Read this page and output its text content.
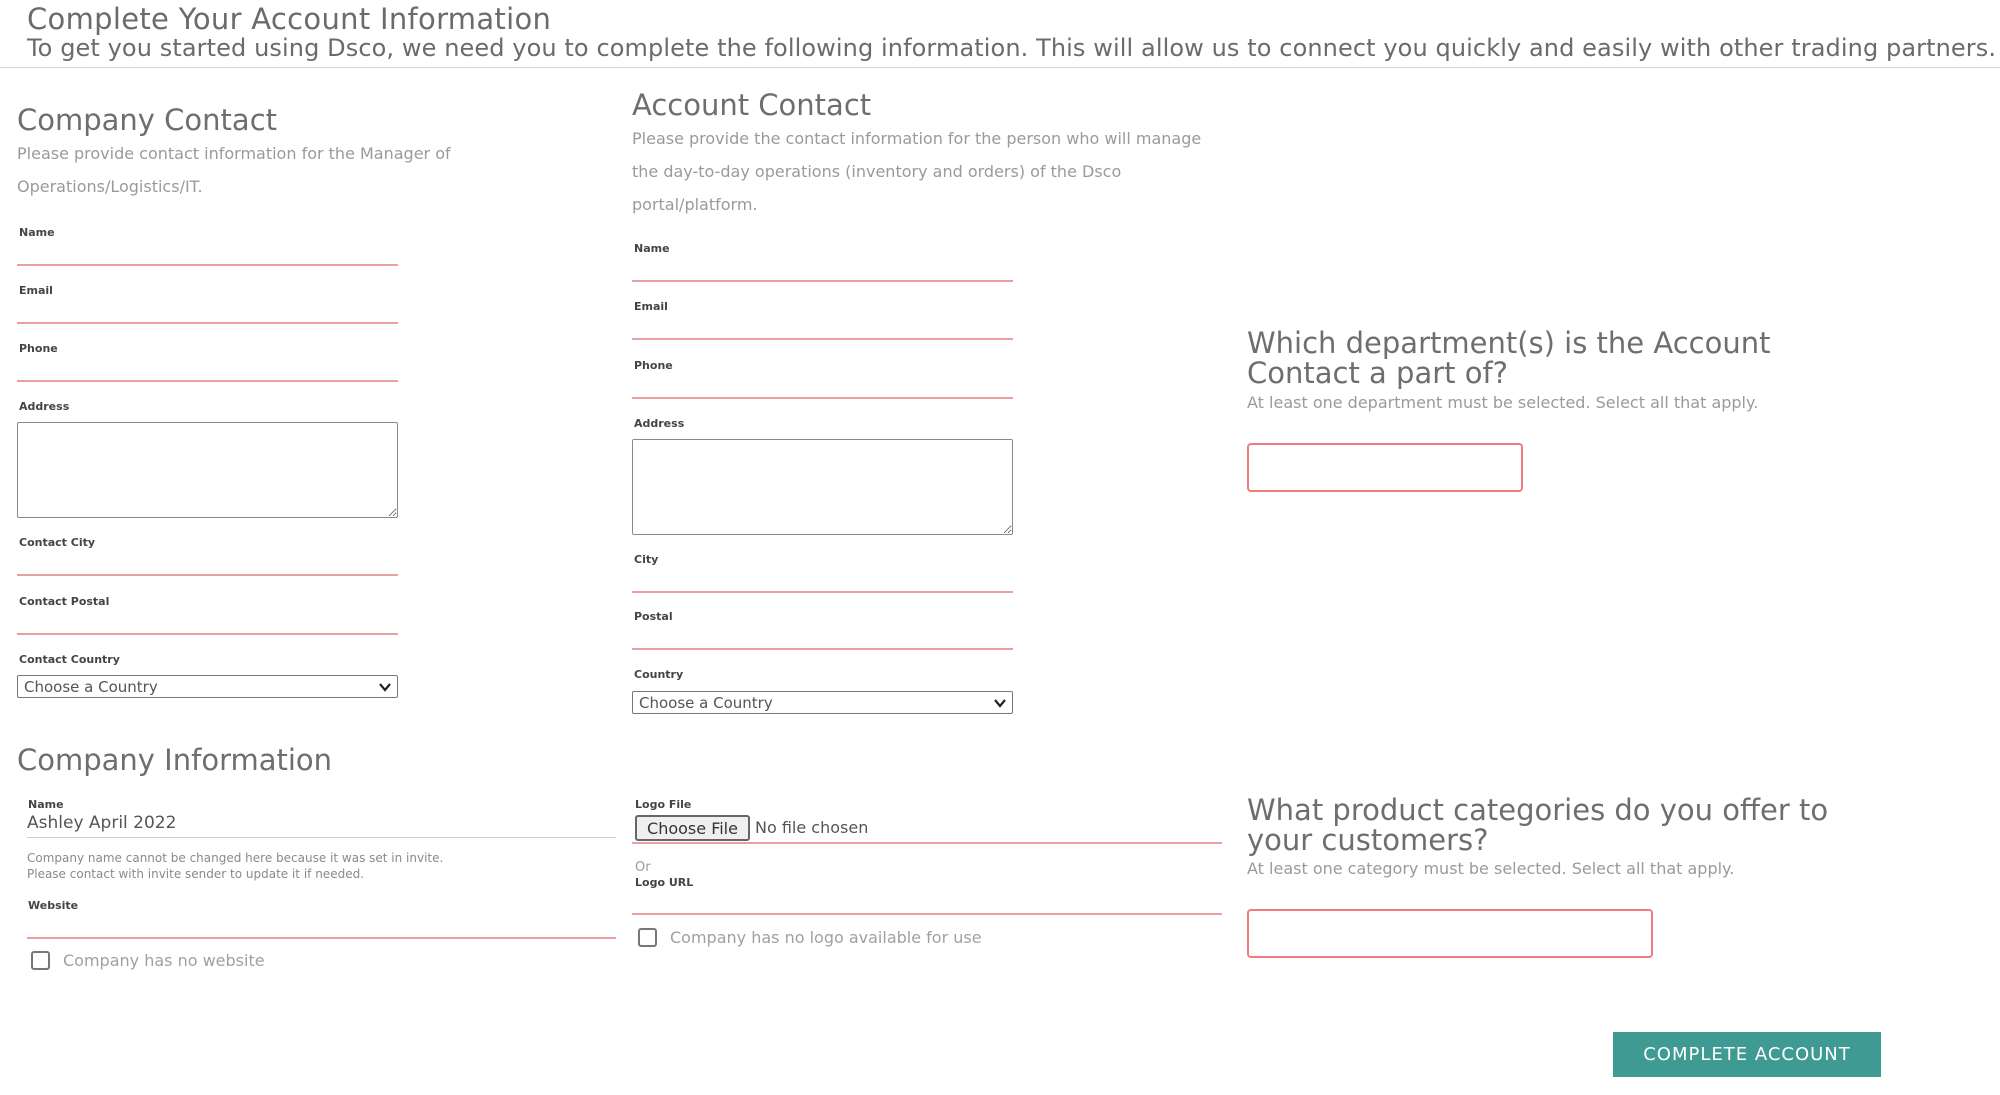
Complete Your Account Information
To get you started using Dsco, we need you to complete the following information. This will allow us to connect you quickly and easily with other trading partners.
Company Contact
Please provide contact information for the Manager of Operations/Logistics/IT.
Name
Email
Phone
Address
Contact City
Contact Postal
Contact Country
Choose a Country
Account Contact
Please provide the contact information for the person who will manage the day-to-day operations (inventory and orders) of the Dsco portal/platform.
Name
Email
Phone
Address
City
Postal
Country
Choose a Country
Which department(s) is the Account Contact a part of?
At least one department must be selected. Select all that apply.
Company Information
Name
Ashley April 2022
Company name cannot be changed here because it was set in invite.
Please contact with invite sender to update it if needed.
Website
Company has no website
Logo File
Choose File	No file chosen
Or
Logo URL
Company has no logo available for use
What product categories do you offer to your customers?
At least one category must be selected. Select all that apply.
COMPLETE ACCOUNT
